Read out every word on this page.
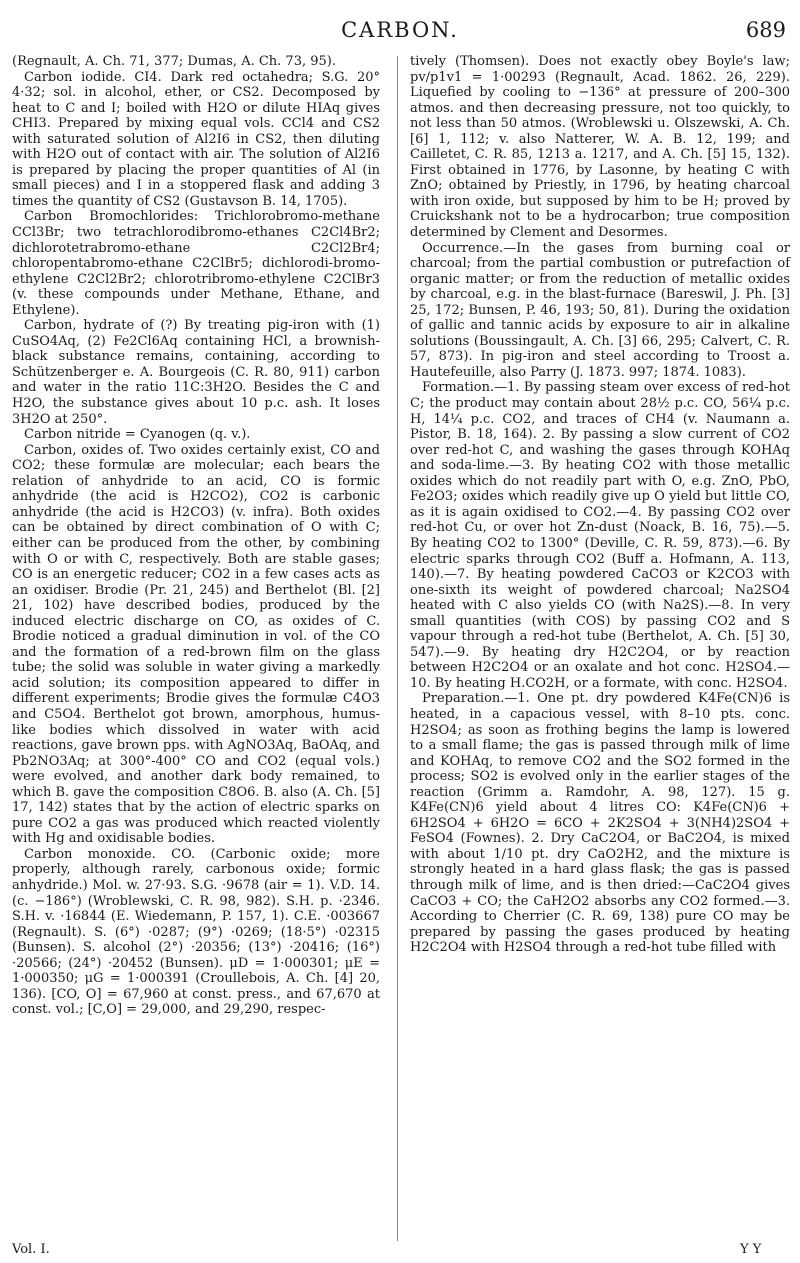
CARBON.	689

(Regnault, A. Ch. 71, 377; Dumas, A. Ch. 73, 95).

Carbon iodide. CI4. Dark red octahedra; S.G. 20° 4·32; sol. in alcohol, ether, or CS2. Decomposed by heat to C and I; boiled with H2O or dilute HIAq gives CHI3. Prepared by mixing equal vols. CCl4 and CS2 with saturated solution of Al2I6 in CS2, then diluting with H2O out of contact with air. The solution of Al2I6 is prepared by placing the proper quantities of Al (in small pieces) and I in a stoppered flask and adding 3 times the quantity of CS2 (Gustavson B. 14, 1705).

Carbon Bromochlorides: Trichlorobromo-methane CCl3Br; two tetrachlorodibromo-ethanes C2Cl4Br2; dichlorotetrabromo-ethane C2Cl2Br4; chloropentabromo-ethane C2ClBr5; dichlorodi-bromo-ethylene C2Cl2Br2; chlorotribromo-ethylene C2ClBr3 (v. these compounds under Methane, Ethane, and Ethylene).

Carbon, hydrate of (?) By treating pig-iron with (1) CuSO4Aq, (2) Fe2Cl6Aq containing HCl, a brownish-black substance remains, containing, according to Schützenberger e. A. Bourgeois (C. R. 80, 911) carbon and water in the ratio 11C:3H2O. Besides the C and H2O, the substance gives about 10 p.c. ash. It loses 3H2O at 250°.

Carbon nitride = Cyanogen (q. v.).

Carbon, oxides of. Two oxides certainly exist, CO and CO2; these formulæ are molecular; each bears the relation of anhydride to an acid, CO is formic anhydride (the acid is H2CO2), CO2 is carbonic anhydride (the acid is H2CO3) (v. infra). Both oxides can be obtained by direct combination of O with C; either can be produced from the other, by combining with O or with C, respectively. Both are stable gases; CO is an energetic reducer; CO2 in a few cases acts as an oxidiser. Brodie (Pr. 21, 245) and Berthelot (Bl. [2] 21, 102) have described bodies, produced by the induced electric discharge on CO, as oxides of C. Brodie noticed a gradual diminution in vol. of the CO and the formation of a red-brown film on the glass tube; the solid was soluble in water giving a markedly acid solution; its composition appeared to differ in different experiments; Brodie gives the formulæ C4O3 and C5O4. Berthelot got brown, amorphous, humus-like bodies which dissolved in water with acid reactions, gave brown pps. with AgNO3Aq, BaOAq, and Pb2NO3Aq; at 300°-400° CO and CO2 (equal vols.) were evolved, and another dark body remained, to which B. gave the composition C8O6. B. also (A. Ch. [5] 17, 142) states that by the action of electric sparks on pure CO2 a gas was produced which reacted violently with Hg and oxidisable bodies.

Carbon monoxide. CO. (Carbonic oxide; more properly, although rarely, carbonous oxide; formic anhydride.) Mol. w. 27·93. S.G. ·9678 (air = 1). V.D. 14. (c. −186°) (Wroblewski, C. R. 98, 982). S.H. p. ·2346. S.H. v. ·16844 (E. Wiedemann, P. 157, 1). C.E. ·003667 (Regnault). S. (6°) ·0287; (9°) ·0269; (18·5°) ·02315 (Bunsen). S. alcohol (2°) ·20356; (13°) ·20416; (16°) ·20566; (24°) ·20452 (Bunsen). μD = 1·000301; μE = 1·000350; μG = 1·000391 (Croullebois, A. Ch. [4] 20, 136). [CO, O] = 67,960 at const. press., and 67,670 at const. vol.; [C,O] = 29,000, and 29,290, respec-

tively (Thomsen). Does not exactly obey Boyle's law; pv/p1v1 = 1·00293 (Regnault, Acad. 1862. 26, 229). Liquefied by cooling to −136° at pressure of 200–300 atmos. and then decreasing pressure, not too quickly, to not less than 50 atmos. (Wroblewski u. Olszewski, A. Ch. [6] 1, 112; v. also Natterer, W. A. B. 12, 199; and Cailletet, C. R. 85, 1213 a. 1217, and A. Ch. [5] 15, 132). First obtained in 1776, by Lasonne, by heating C with ZnO; obtained by Priestly, in 1796, by heating charcoal with iron oxide, but supposed by him to be H; proved by Cruickshank not to be a hydrocarbon; true composition determined by Clement and Desormes.

Occurrence.—In the gases from burning coal or charcoal; from the partial combustion or putrefaction of organic matter; or from the reduction of metallic oxides by charcoal, e.g. in the blast-furnace (Bareswil, J. Ph. [3] 25, 172; Bunsen, P. 46, 193; 50, 81). During the oxidation of gallic and tannic acids by exposure to air in alkaline solutions (Boussingault, A. Ch. [3] 66, 295; Calvert, C. R. 57, 873). In pig-iron and steel according to Troost a. Hautefeuille, also Parry (J. 1873. 997; 1874. 1083).

Formation.—1. By passing steam over excess of red-hot C; the product may contain about 28½ p.c. CO, 56¼ p.c. H, 14¼ p.c. CO2, and traces of CH4 (v. Naumann a. Pistor, B. 18, 164). 2. By passing a slow current of CO2 over red-hot C, and washing the gases through KOHAq and soda-lime.—3. By heating CO2 with those metallic oxides which do not readily part with O, e.g. ZnO, PbO, Fe2O3; oxides which readily give up O yield but little CO, as it is again oxidised to CO2.—4. By passing CO2 over red-hot Cu, or over hot Zn-dust (Noack, B. 16, 75).—5. By heating CO2 to 1300° (Deville, C. R. 59, 873).—6. By electric sparks through CO2 (Buff a. Hofmann, A. 113, 140).—7. By heating powdered CaCO3 or K2CO3 with one-sixth its weight of powdered charcoal; Na2SO4 heated with C also yields CO (with Na2S).—8. In very small quantities (with COS) by passing CO2 and S vapour through a red-hot tube (Berthelot, A. Ch. [5] 30, 547).—9. By heating dry H2C2O4, or by reaction between H2C2O4 or an oxalate and hot conc. H2SO4.—10. By heating H.CO2H, or a formate, with conc. H2SO4.

Preparation.—1. One pt. dry powdered K4Fe(CN)6 is heated, in a capacious vessel, with 8–10 pts. conc. H2SO4; as soon as frothing begins the lamp is lowered to a small flame; the gas is passed through milk of lime and KOHAq, to remove CO2 and the SO2 formed in the process; SO2 is evolved only in the earlier stages of the reaction (Grimm a. Ramdohr, A. 98, 127). 15 g. K4Fe(CN)6 yield about 4 litres CO: K4Fe(CN)6 + 6H2SO4 + 6H2O = 6CO + 2K2SO4 + 3(NH4)2SO4 + FeSO4 (Fownes). 2. Dry CaC2O4, or BaC2O4, is mixed with about 1/10 pt. dry CaO2H2, and the mixture is strongly heated in a hard glass flask; the gas is passed through milk of lime, and is then dried:—CaC2O4 gives CaCO3 + CO; the CaH2O2 absorbs any CO2 formed.—3. According to Cherrier (C. R. 69, 138) pure CO may be prepared by passing the gases produced by heating H2C2O4 with H2SO4 through a red-hot tube filled with

Vol. I.	Y Y
